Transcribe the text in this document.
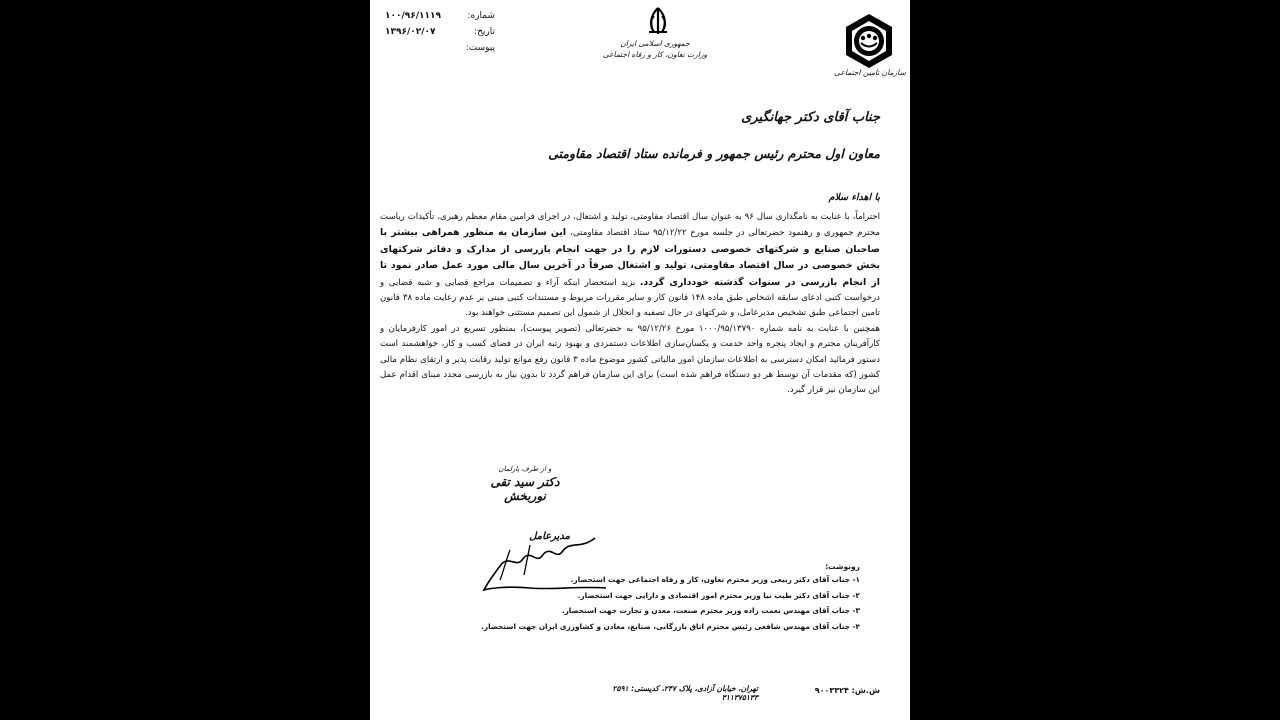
شماره:
۱۰۰/۹۶/۱۱۱۹
تاریخ:
۱۳۹۶/۰۲/۰۷
پیوست:	جمهوری اسلامی ایران
وزارت تعاون، کار و رفاه اجتماعی
سازمان تامین اجتماعی
جناب آقای دکتر جهانگیری
معاون اول محترم رئیس جمهور و فرمانده ستاد اقتصاد مقاومتی
با اهداء سلام

احتراماً، با عنایت به نامگذاری سال ۹۶ به عنوان سال اقتصاد مقاومتی، تولید و اشتغال، در اجرای فرامین مقام معظم رهبری، تأکیدات ریاست محترم جمهوری و رهنمود حضرتعالی در جلسه مورخ ۹۵/۱۲/۲۲ ستاد اقتصاد مقاومتی، این سازمان به منظور همراهی بیشتر با صاحبان صنایع و شرکتهای خصوصی دستورات لازم را در جهت انجام بازرسی از مدارک و دفاتر شرکتهای بخش خصوصی در سال اقتصاد مقاومتی، تولید و اشتغال صرفاً در آخرین سال مالی مورد عمل صادر نمود تا از انجام بازرسی در سنوات گذشته خودداری گردد. بزید استحضار اینکه آراء و تصمیمات مراجع قضایی و شبه قضایی و درخواست کتبی ادعای سابقه اشخاص طبق ماده ۱۴۸ قانون کار و سایر مقررات مربوط و مستندات کتبی مبنی بر عدم رعایت ماده ۳۸ قانون تامین اجتماعی طبق تشخیص مدیرعامل، و شرکتهای در حال تصفیه و انحلال از شمول این تصمیم مستثنی خواهند بود.

همچنین با عنایت به نامه شماره ۱۰۰۰/۹۵/۱۳۷۹۰ مورخ ۹۵/۱۲/۲۶ به حضرتعالی (تصویر پیوست)، بمنظور تسریع در امور کارفرمایان و کارآفرینان محترم و ایجاد پنجره واحد خدمت و یکسان‌سازی اطلاعات دستمزدی و بهبود رتبه ایران در فضای کسب و کار، خواهشمند است دستور فرمائید امکان دسترسی به اطلاعات سازمان امور مالیاتی کشور موضوع ماده ۳ قانون رفع موانع تولید رقابت پذیر و ارتقای نظام مالی کشور (که مقدمات آن توسط هر دو دستگاه فراهم شده است) برای این سازمان فراهم گردد تا بدون نیاز به بازرسی مجدد مبنای اقدام عمل این سازمان نیز قرار گیرد.

و از طرف پارلمان
دکتر سید تقی نوربخش
مدیرعامل
رونوشت:
۱- جناب آقای دکتر ربیعی وزیر محترم تعاون، کار و رفاه اجتماعی جهت استحضار.
۲- جناب آقای دکتر طیب نیا وزیر محترم امور اقتصادی و دارایی جهت استحضار.
۳- جناب آقای مهندس نعمت زاده وزیر محترم صنعت، معدن و تجارت جهت استحضار.
۴- جناب آقای مهندس شافعی رئیس محترم اتاق بازرگانی، صنایع، معادن و کشاورزی ایران جهت استحضار.
تهران، خیابان آزادی، پلاک ۲۴۷، کدپستی: ۲۵۹۱ ۳۱۱۳۷۵۱۳۳
ش.ش: ۹۰۰۳۳۲۴
